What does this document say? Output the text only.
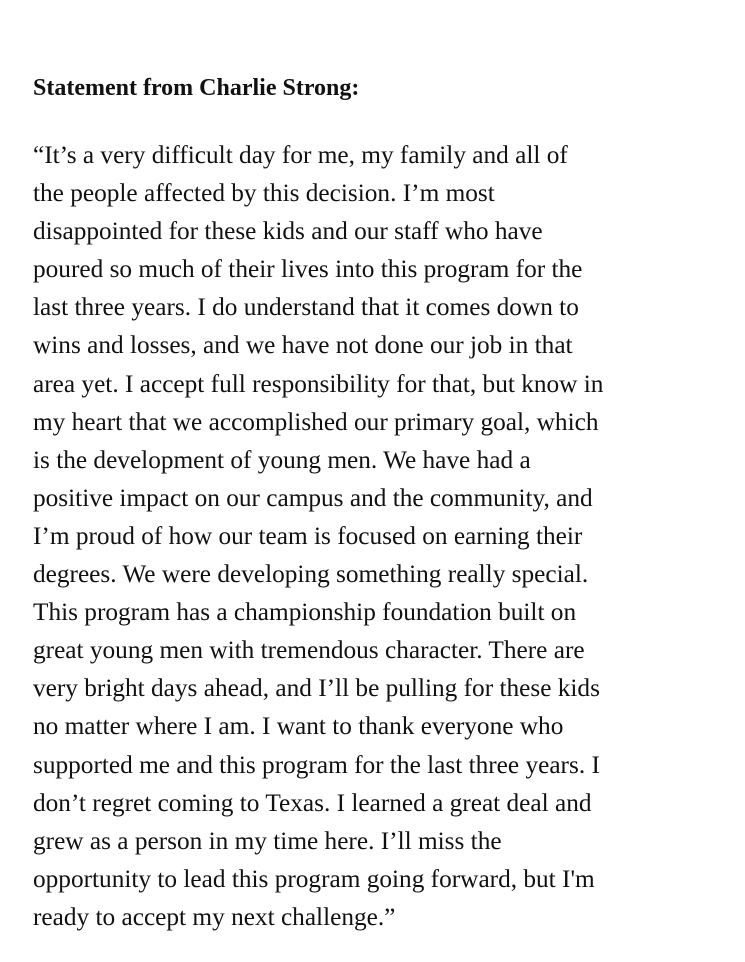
Statement from Charlie Strong:

“It’s a very difficult day for me, my family and all of
the people affected by this decision. I’m most
disappointed for these kids and our staff who have
poured so much of their lives into this program for the
last three years. I do understand that it comes down to
wins and losses, and we have not done our job in that
area yet. I accept full responsibility for that, but know in
my heart that we accomplished our primary goal, which
is the development of young men. We have had a
positive impact on our campus and the community, and
I’m proud of how our team is focused on earning their
degrees. We were developing something really special.
This program has a championship foundation built on
great young men with tremendous character. There are
very bright days ahead, and I’ll be pulling for these kids
no matter where I am. I want to thank everyone who
supported me and this program for the last three years. I
don’t regret coming to Texas. I learned a great deal and
grew as a person in my time here. I’ll miss the
opportunity to lead this program going forward, but I'm
ready to accept my next challenge.”
